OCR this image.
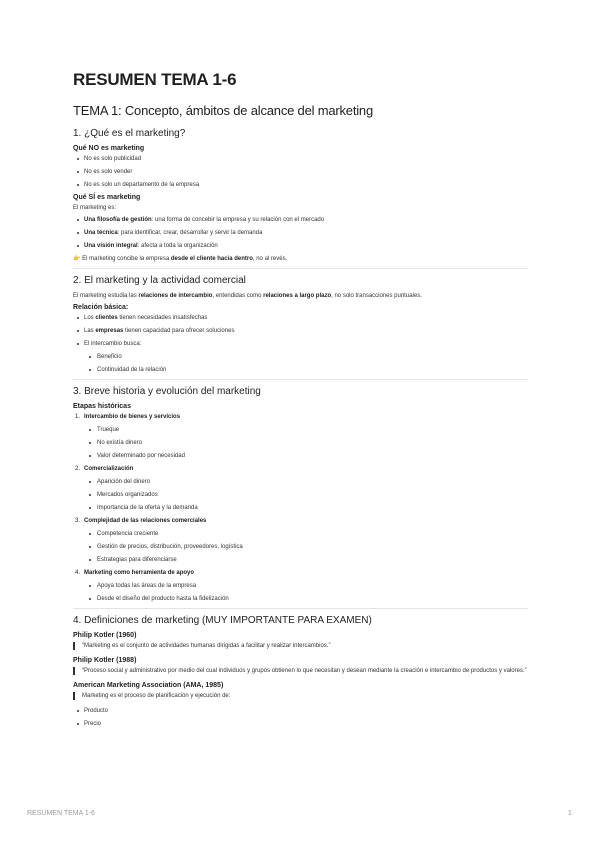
RESUMEN TEMA 1-6
TEMA 1: Concepto, ámbitos de alcance del marketing
1. ¿Qué es el marketing?
Qué NO es marketing
No es solo publicidad
No es solo vender
No es solo un departamento de la empresa
Qué SÍ es marketing

El marketing es:

Una filosofía de gestión: una forma de concebir la empresa y su relación con el mercado
Una técnica: para identificar, crear, desarrollar y servir la demanda
Una visión integral: afecta a toda la organización

👉 El marketing concibe la empresa desde el cliente hacia dentro, no al revés.

2. El marketing y la actividad comercial

El marketing estudia las relaciones de intercambio, entendidas como relaciones a largo plazo, no solo transacciones puntuales.

Relación básica:
Los clientes tienen necesidades insatisfechas
Las empresas tienen capacidad para ofrecer soluciones
El intercambio busca:
Beneficio
Continuidad de la relación
3. Breve historia y evolución del marketing
Etapas históricas
1. Intercambio de bienes y servicios
Trueque
No existía dinero
Valor determinado por necesidad
2. Comercialización
Aparición del dinero
Mercados organizados
Importancia de la oferta y la demanda
3. Complejidad de las relaciones comerciales
Competencia creciente
Gestión de precios, distribución, proveedores, logística
Estrategias para diferenciarse
4. Marketing como herramienta de apoyo
Apoya todas las áreas de la empresa
Desde el diseño del producto hasta la fidelización
4. Definiciones de marketing (MUY IMPORTANTE PARA EXAMEN)
Philip Kotler (1960)
“Marketing es el conjunto de actividades humanas dirigidas a facilitar y realizar intercambios.”
Philip Kotler (1988)
“Proceso social y administrativo por medio del cual individuos y grupos obtienen lo que necesitan y desean mediante la creación e intercambio de productos y valores.”
American Marketing Association (AMA, 1985)
Marketing es el proceso de planificación y ejecución de:
Producto
Precio
RESUMEN TEMA 1-6	1
